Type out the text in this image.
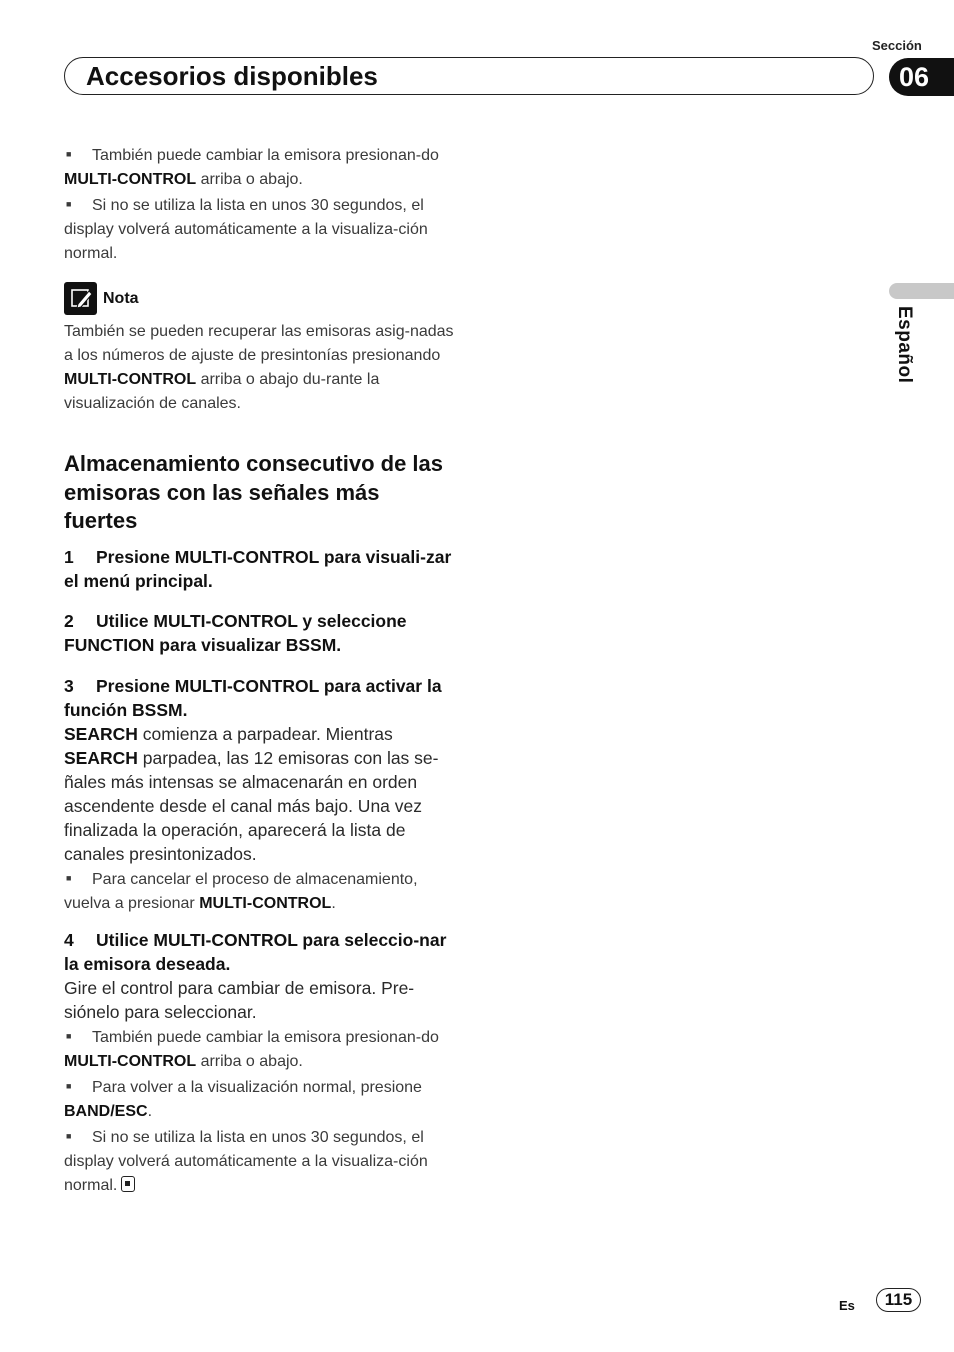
Sección
Accesorios disponibles	06
Español

■ También puede cambiar la emisora presionan-do MULTI-CONTROL arriba o abajo.

■ Si no se utiliza la lista en unos 30 segundos, el display volverá automáticamente a la visualiza-ción normal.

Nota

También se pueden recuperar las emisoras asig-nadas a los números de ajuste de presintonías presionando MULTI-CONTROL arriba o abajo du-rante la visualización de canales.

Almacenamiento consecutivo de las emisoras con las señales más fuertes
1 Presione MULTI-CONTROL para visuali-zar el menú principal.
2 Utilice MULTI-CONTROL y seleccione FUNCTION para visualizar BSSM.

3 Presione MULTI-CONTROL para activar la función BSSM.

SEARCH comienza a parpadear. Mientras SEARCH parpadea, las 12 emisoras con las se-ñales más intensas se almacenarán en orden ascendente desde el canal más bajo. Una vez finalizada la operación, aparecerá la lista de canales presintonizados.

■ Para cancelar el proceso de almacenamiento, vuelva a presionar MULTI-CONTROL.

4 Utilice MULTI-CONTROL para seleccio-nar la emisora deseada.

Gire el control para cambiar de emisora. Pre-siónelo para seleccionar.

■ También puede cambiar la emisora presionan-do MULTI-CONTROL arriba o abajo.

■ Para volver a la visualización normal, presione BAND/ESC.

■ Si no se utiliza la lista en unos 30 segundos, el display volverá automáticamente a la visualiza-ción normal.

Es	115
